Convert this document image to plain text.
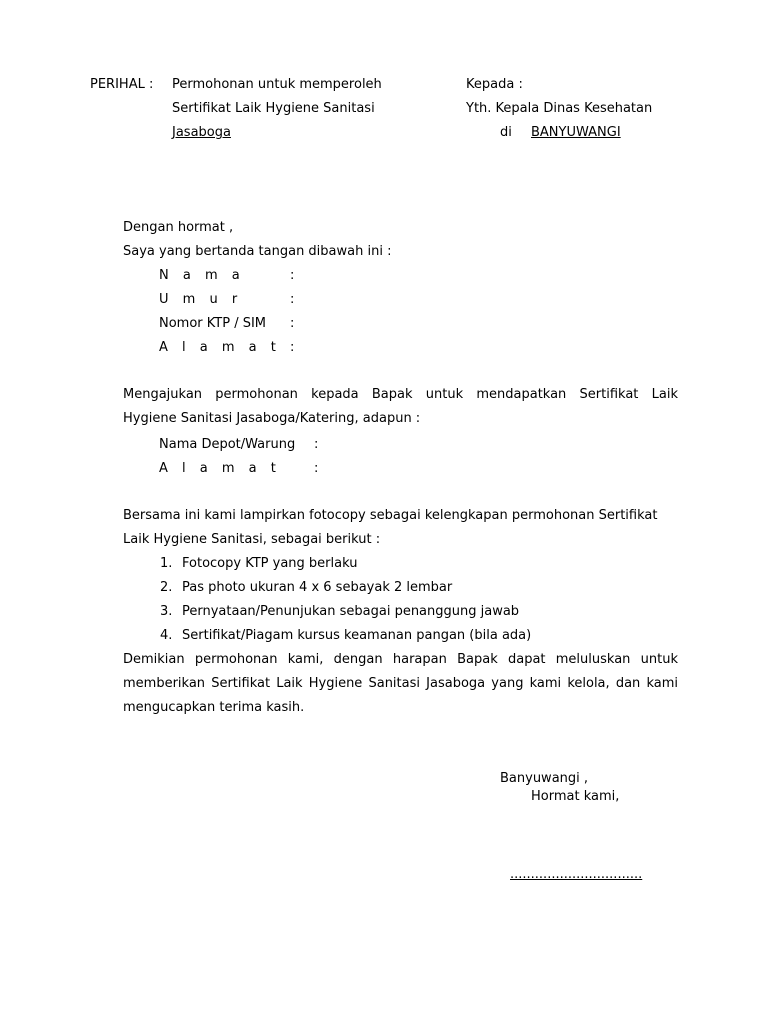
PERIHAL : Permohonan untuk memperoleh
Sertifikat Laik Hygiene Sanitasi
Jasaboga
Kepada :
Yth. Kepala Dinas Kesehatan
di BANYUWANGI
Dengan hormat ,
Saya yang bertanda tangan dibawah ini :
N a m a	:
U m u r	:
Nomor KTP / SIM :
A l a m a t :
Mengajukan permohonan kepada Bapak untuk mendapatkan Sertifikat Laik
Hygiene Sanitasi Jasaboga/Katering, adapun :
Nama Depot/Warung :
A l a m a t	:
Bersama ini kami lampirkan fotocopy sebagai kelengkapan permohonan Sertifikat
Laik Hygiene Sanitasi, sebagai berikut :
1. Fotocopy KTP yang berlaku
2. Pas photo ukuran 4 x 6 sebayak 2 lembar
3. Pernyataan/Penunjukan sebagai penanggung jawab
4. Sertifikat/Piagam kursus keamanan pangan (bila ada)
Demikian permohonan kami, dengan harapan Bapak dapat meluluskan untuk
memberikan Sertifikat Laik Hygiene Sanitasi Jasaboga yang kami kelola, dan kami
mengucapkan terima kasih.
Banyuwangi ,
Hormat kami,
................................
